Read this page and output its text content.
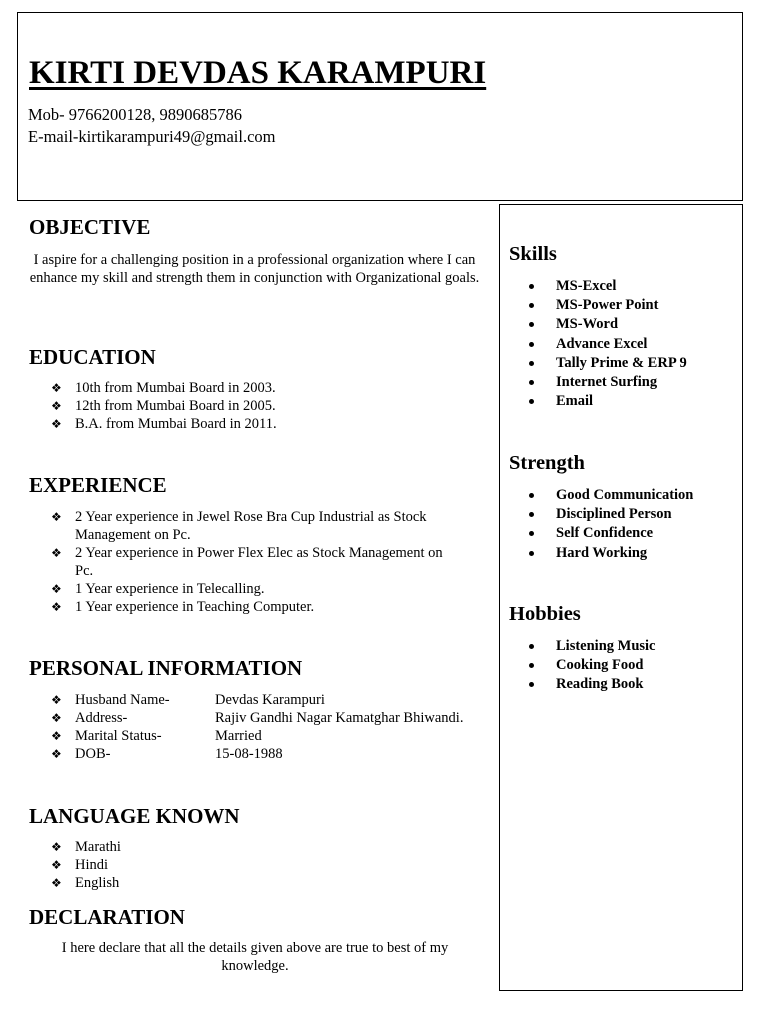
KIRTI DEVDAS KARAMPURI
Mob- 9766200128, 9890685786
E-mail-kirtikarampuri49@gmail.com
OBJECTIVE

I aspire for a challenging position in a professional organization where I can enhance my skill and strength them in conjunction with Organizational goals.

EDUCATION
❖ 10th from Mumbai Board in 2003.
❖ 12th from Mumbai Board in 2005.
❖ B.A. from Mumbai Board in 2011.
EXPERIENCE
❖ 2 Year experience in Jewel Rose Bra Cup Industrial as Stock Management on Pc.
❖ 2 Year experience in Power Flex Elec as Stock Management on Pc.
❖ 1 Year experience in Telecalling.
❖ 1 Year experience in Teaching Computer.
PERSONAL INFORMATION
❖ Husband Name-	Devdas Karampuri
❖ Address-	Rajiv Gandhi Nagar Kamatghar Bhiwandi.
❖ Marital Status-	Married
❖ DOB-	15-08-1988
LANGUAGE KNOWN
❖ Marathi
❖ Hindi
❖ English
DECLARATION

I here declare that all the details given above are true to best of my knowledge.

Skills
MS-Excel
MS-Power Point
MS-Word
Advance Excel
Tally Prime & ERP 9
Internet Surfing
Email
Strength
Good Communication
Disciplined Person
Self Confidence
Hard Working
Hobbies
Listening Music
Cooking Food
Reading Book
